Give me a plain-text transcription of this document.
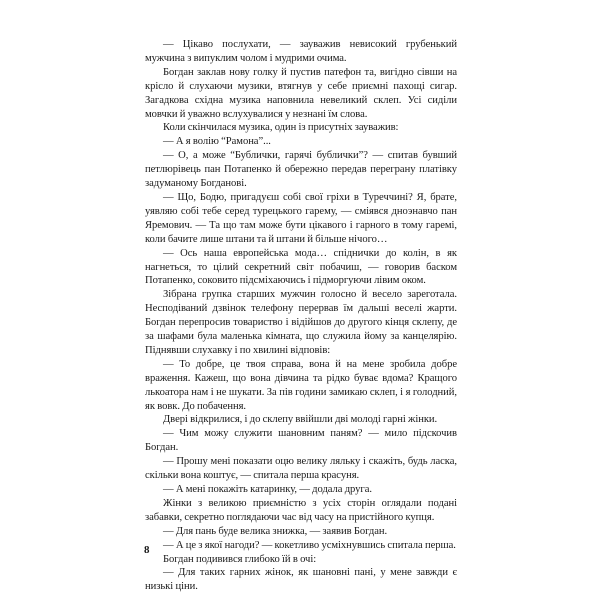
— Цікаво послухати, — зауважив невисокий грубенький мужчина з випуклим чолом і мудрими очима.

Богдан заклав нову голку й пустив патефон та, вигідно сівши на крісло й слухаючи музики, втягнув у себе приємні пахощі сигар. Загадкова східна музика наповнила невеликий склеп. Усі сиділи мовчки й уважно вслухувалися у незнані їм слова.

Коли скінчилася музика, один із присутніх зауважив:

— А я волію “Рамона”...

— О, а може “Бублички, гарячі бублички”? — спитав бувший петлюрівець пан Потапенко й обережно передав переграну платівку задуманому Богданові.

— Що, Бодю, пригадуєш собі свої гріхи в Туреччині? Я, брате, уявляю собі тебе серед турецького гарему, — сміявся дноэнавчо пан Яремович. — Та що там може бути цікавого і гарного в тому гаремі, коли бачите лише штани та й штани й більше нічого…

— Ось наша европейська мода… спіднички до колін, в як нагнеться, то цілий секретний світ побачиш, — говорив баском Потапенко, соковито підсміхаючись і підморгуючи лівим оком.

Зібрана групка старших мужчин голосно й весело зареготала. Несподіваний дзвінок телефону перервав їм дальші веселі жарти. Богдан перепросив товариство і відійшов до другого кінця склепу, де за шафами була маленька кімната, що служила йому за канцелярію. Піднявши слухавку і по хвилині відповів:

— То добре, це твоя справа, вона й на мене зробила добре враження. Кажеш, що вона дівчина та рідко буває вдома? Кращого лькоатора нам і не шукати. За пів години замикаю склеп, і я голодний, як вовк. До побачення.

Двері відкрилися, і до склепу ввійшли дві молоді гарні жінки.

— Чим можу служити шановним паням? — мило підскочив Богдан.

— Прошу мені показати оцю велику ляльку і скажіть, будь ласка, скільки вона коштує, — спитала перша красуня.

— А мені покажіть катаринку, — додала друга.

Жінки з великою приємністю з усіх сторін оглядали подані забавки, секретно поглядаючи час від часу на пристійного купця.

— Для пань буде велика знижка, — заявив Богдан.

— А це з якої нагоди? — кокетливо усміхнувшись спитала перша.

Богдан подивився глибоко їй в очі:

— Для таких гарних жінок, як шановні пані, у мене завжди є низькі ціни.

8
